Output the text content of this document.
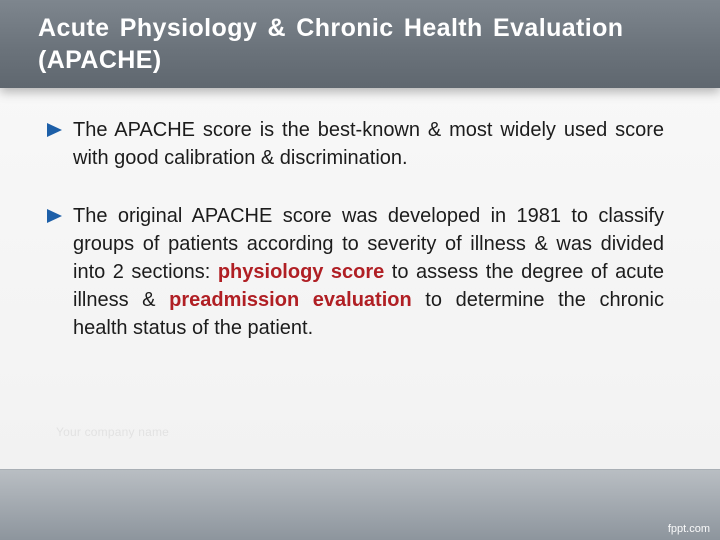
Acute Physiology & Chronic Health Evaluation (APACHE)
The APACHE score is the best-known & most widely used score with good calibration & discrimination.
The original APACHE score was developed in 1981 to classify groups of patients according to severity of illness & was divided into 2 sections: physiology score to assess the degree of acute illness & preadmission evaluation to determine the chronic health status of the patient.
Your company name
fppt.com
